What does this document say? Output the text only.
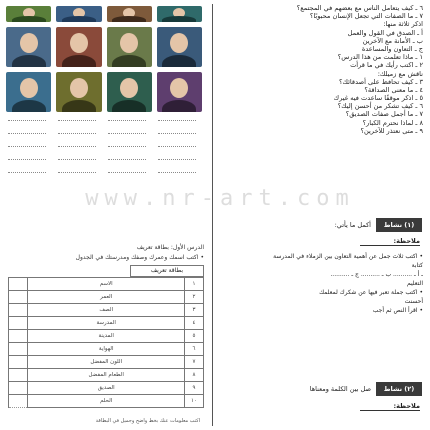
الدرس الأول: بطاقة تعريف
• اكتب اسمك وعمرك وصفك ومدرستك في الجدول
بطاقة تعريف
	الاسم	١
	العمر	٢
	الصف	٣
	المدرسة	٤
	المدينة	٥
	الهواية	٦
	اللون المفضل	٧
	الطعام المفضل	٨
	الصديق	٩
	الحلم	١٠
اكتب معلومات عنك بخط واضح وجميل في البطاقة
٦ ـ كيف يتعامل الناس مع بعضهم في المجتمع؟
٧ ـ ما الصفات التي تجعل الإنسان محبوبًا؟
اذكر ثلاثة منها:
أ ـ الصدق في القول والعمل
ب ـ الأمانة مع الآخرين
ج ـ التعاون والمساعدة
١ ـ ماذا تعلمت من هذا الدرس؟
٢ ـ اكتب رأيك في ما قرأت
ناقش مع زميلك:
٣ ـ كيف تحافظ على أصدقائك؟
٤ ـ ما معنى الصداقة؟
٥ ـ اذكر موقفًا ساعدت فيه غيرك
٦ ـ كيف تشكر من أحسن إليك؟
٧ ـ ما أجمل صفات الصديق؟
٨ ـ لماذا نحترم الكبار؟
٩ ـ متى نعتذر للآخرين؟
(١) نشاط
أكمل ما يأتي:
ملاحظة:
• اكتب ثلاث جمل عن أهمية التعاون بين الزملاء في المدرسة
كتابة
ـ أ ـ .......... ب ـ .......... ج ـ ..........
التعليم
• اكتب جملة تعبر فيها عن شكرك لمعلمك
أحسنت
• اقرأ النص ثم أجب
(٢) نشاط
صل بين الكلمة ومعناها
ملاحظة:
www.nr-art.com
